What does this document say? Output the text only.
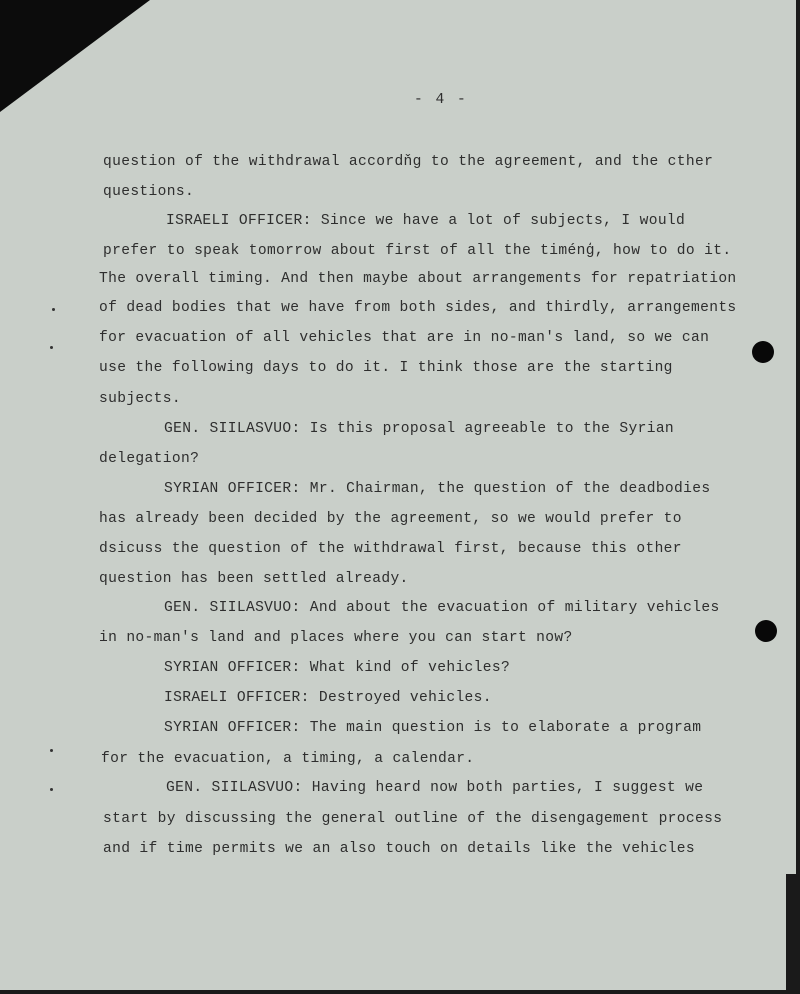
- 4 -
question of the withdrawal accordňg to the agreement, and the cther
questions.
ISRAELI OFFICER: Since we have a lot of subjects, I would
prefer to speak tomorrow about first of all the timénģ, how to do it.
The overall timing. And then maybe about arrangements for repatriation
of dead bodies that we have from both sides, and thirdly, arrangements
for evacuation of all vehicles that are in no-man's land, so we can
use the following days to do it. I think those are the starting
subjects.
GEN. SIILASVUO: Is this proposal agreeable to the Syrian
delegation?
SYRIAN OFFICER: Mr. Chairman, the question of the deadbodies
has already been decided by the agreement, so we would prefer to
dsicuss the question of the withdrawal first, because this other
question has been settled already.
GEN. SIILASVUO: And about the evacuation of military vehicles
in no-man's land and places where you can start now?
SYRIAN OFFICER: What kind of vehicles?
ISRAELI OFFICER: Destroyed vehicles.
SYRIAN OFFICER: The main question is to elaborate a program
for the evacuation, a timing, a calendar.
GEN. SIILASVUO: Having heard now both parties, I suggest we
start by discussing the general outline of the disengagement process
and if time permits we an also touch on details like the vehicles
